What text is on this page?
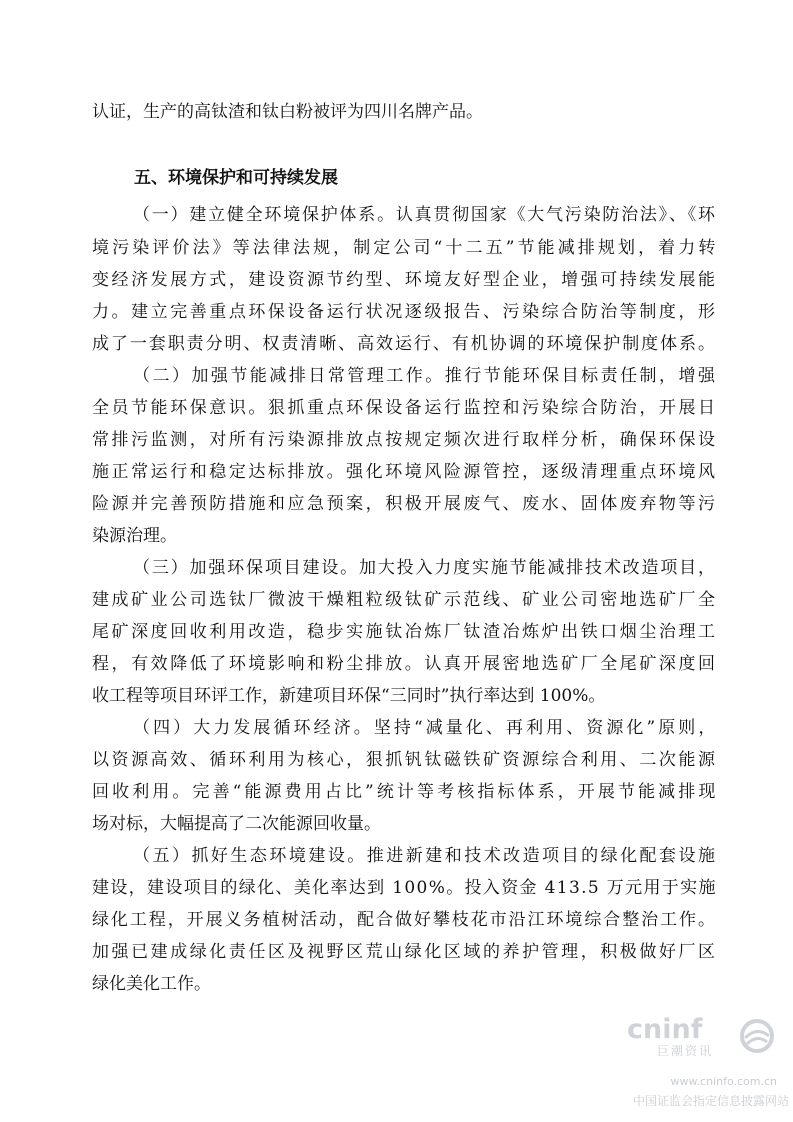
认证，生产的高钛渣和钛白粉被评为四川名牌产品。
五、环境保护和可持续发展
（一）建立健全环境保护体系。认真贯彻国家《大气污染防治法》、《环
境污染评价法》等法律法规，制定公司“十二五”节能减排规划，着力转
变经济发展方式，建设资源节约型、环境友好型企业，增强可持续发展能
力。建立完善重点环保设备运行状况逐级报告、污染综合防治等制度，形
成了一套职责分明、权责清晰、高效运行、有机协调的环境保护制度体系。
（二）加强节能减排日常管理工作。推行节能环保目标责任制，增强
全员节能环保意识。狠抓重点环保设备运行监控和污染综合防治，开展日
常排污监测，对所有污染源排放点按规定频次进行取样分析，确保环保设
施正常运行和稳定达标排放。强化环境风险源管控，逐级清理重点环境风
险源并完善预防措施和应急预案，积极开展废气、废水、固体废弃物等污
染源治理。
（三）加强环保项目建设。加大投入力度实施节能减排技术改造项目，
建成矿业公司选钛厂微波干燥粗粒级钛矿示范线、矿业公司密地选矿厂全
尾矿深度回收利用改造，稳步实施钛冶炼厂钛渣冶炼炉出铁口烟尘治理工
程，有效降低了环境影响和粉尘排放。认真开展密地选矿厂全尾矿深度回
收工程等项目环评工作，新建项目环保“三同时”执行率达到 100%。
（四）大力发展循环经济。坚持“减量化、再利用、资源化”原则，
以资源高效、循环利用为核心，狠抓钒钛磁铁矿资源综合利用、二次能源
回收利用。完善“能源费用占比”统计等考核指标体系，开展节能减排现
场对标，大幅提高了二次能源回收量。
（五）抓好生态环境建设。推进新建和技术改造项目的绿化配套设施
建设，建设项目的绿化、美化率达到 100%。投入资金 413.5 万元用于实施
绿化工程，开展义务植树活动，配合做好攀枝花市沿江环境综合整治工作。
加强已建成绿化责任区及视野区荒山绿化区域的养护管理，积极做好厂区
绿化美化工作。
cninf
巨潮资讯
www.cninfo.com.cn
中国证监会指定信息披露网站
